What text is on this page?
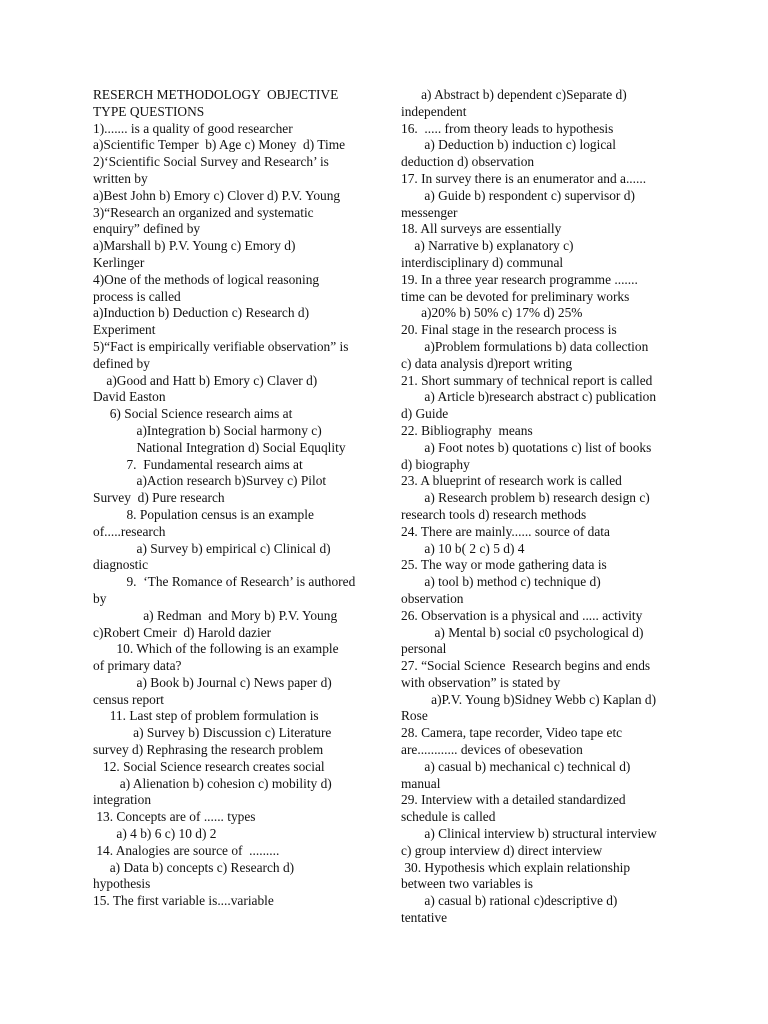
RESERCH METHODOLOGY  OBJECTIVE
TYPE QUESTIONS
1)....... is a quality of good researcher
a)Scientific Temper  b) Age c) Money  d) Time
2)‘Scientific Social Survey and Research’ is
written by
a)Best John b) Emory c) Clover d) P.V. Young
3)“Research an organized and systematic
enquiry” defined by
a)Marshall b) P.V. Young c) Emory d)
Kerlinger
4)One of the methods of logical reasoning
process is called
a)Induction b) Deduction c) Research d)
Experiment
5)“Fact is empirically verifiable observation” is
defined by
a)Good and Hatt b) Emory c) Claver d)
David Easton
6) Social Science research aims at
a)Integration b) Social harmony c)
National Integration d) Social Equqlity
7.  Fundamental research aims at
a)Action research b)Survey c) Pilot
Survey  d) Pure research
8. Population census is an example
of.....research
a) Survey b) empirical c) Clinical d)
diagnostic
9.  ‘The Romance of Research’ is authored
by
a) Redman  and Mory b) P.V. Young
c)Robert Cmeir  d) Harold dazier
10. Which of the following is an example
of primary data?
a) Book b) Journal c) News paper d)
census report
11. Last step of problem formulation is
a) Survey b) Discussion c) Literature
survey d) Rephrasing the research problem
12. Social Science research creates social
a) Alienation b) cohesion c) mobility d)
integration
13. Concepts are of ...... types
a) 4 b) 6 c) 10 d) 2
14. Analogies are source of  .........
a) Data b) concepts c) Research d)
hypothesis
15. The first variable is....variable
a) Abstract b) dependent c)Separate d)
independent
16.  ..... from theory leads to hypothesis
a) Deduction b) induction c) logical
deduction d) observation
17. In survey there is an enumerator and a......
a) Guide b) respondent c) supervisor d)
messenger
18. All surveys are essentially
a) Narrative b) explanatory c)
interdisciplinary d) communal
19. In a three year research programme .......
time can be devoted for preliminary works
a)20% b) 50% c) 17% d) 25%
20. Final stage in the research process is
a)Problem formulations b) data collection
c) data analysis d)report writing
21. Short summary of technical report is called
a) Article b)research abstract c) publication
d) Guide
22. Bibliography  means
a) Foot notes b) quotations c) list of books
d) biography
23. A blueprint of research work is called
a) Research problem b) research design c)
research tools d) research methods
24. There are mainly...... source of data
a) 10 b( 2 c) 5 d) 4
25. The way or mode gathering data is
a) tool b) method c) technique d)
observation
26. Observation is a physical and ..... activity
a) Mental b) social c0 psychological d)
personal
27. “Social Science  Research begins and ends
with observation” is stated by
a)P.V. Young b)Sidney Webb c) Kaplan d)
Rose
28. Camera, tape recorder, Video tape etc
are............ devices of obesevation
a) casual b) mechanical c) technical d)
manual
29. Interview with a detailed standardized
schedule is called
a) Clinical interview b) structural interview
c) group interview d) direct interview
30. Hypothesis which explain relationship
between two variables is
a) casual b) rational c)descriptive d)
tentative
